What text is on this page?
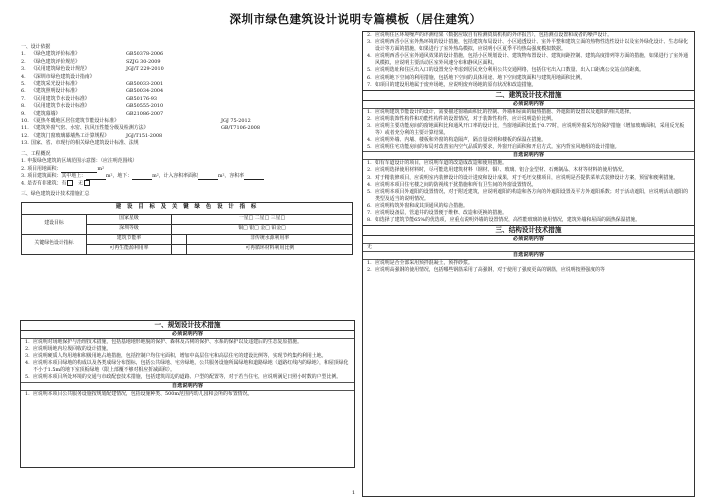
深圳市绿色建筑设计说明专篇模板（居住建筑）
一、设计依据
1.	《绿色建筑评价标准》	GB50378-2006
2.	《绿色建筑评价规范》	SZJG 30-2009
3.	《民用建筑绿色设计规范》	JGJ/T 229-2010
4.	《深圳市绿色建筑设计指南》
5.	《建筑采光设计标准》	GB50033-2001
6.	《建筑照明设计标准》	GB50034-2004
7.	《民用建筑节水设计标准》	GB50176-93
8.	《民用建筑节水设计标准》	GB50555-2010
9.	《建筑幕墙》	GB21086-2007
10. 《夏热冬暖地区居住建筑节能设计标准》	JGJ 75-2012
11. 《建筑外窗气密、水密、抗风压性能分级及检测方法》	GB/T7106-2008
12. 《建筑门窗玻璃幕墙热工计算规程》	JGJ/T151-2008
13. 国家、省、市现行的相关绿色建筑设计标准、法规
二、工程概况
1. 申报绿色建筑的区域范围示意图：（应注明范围线）
2. 项目用地面积：	m²
3. 项目建筑面积：其中地上：	m²，地下：	m²，计入容积率面积	m²，容积率
4. 是否有非建筑：有 无
三、绿色建筑设计技术措施汇总
建 设 目 标 及 关 键 绿 色 设 计 指 标			
建设目标	国家星级	一星□ 二星□ 三星□	
	深圳等级	铜□ 银□ 金□ 铂金□	
关键绿色设计指标	建筑节能率		非传统水源利用率
	可再生能源利用率		可再循环材料利用比例
一、规划设计技术措施
必须说明内容
1. 应说明对场地保护与治理技术措施，包括基地地形地貌的保护、森林及古树的保护、水系的保护以及违建后的生态复原措施。
2. 应说明场地内垃圾回收的设计措施。
3. 应说明硬质人均用地和积极用地占地措施，包括控制户均住宅面积，增加中高层住宅和高层住宅的建设比例等，实现节约集约利用土地。
4. 应说明本项目绿地的构成以及各类成绿分布图标，包括公共绿地、宅旁绿地，公共服务设施所属绿地和道路绿地（道路红线内的绿地），和屋顶绿化不小于1.5m的地下室顶板绿地（限上部覆不够对相应折减面积）。
5. 应说明本项目所处环境的交通与市政配套技术措施，包括建筑周边的道路、户型的配置等，对于若当住宅，应说明满足日照小时数的户型比例。
自选说明内容
1. 应说明本项目公共服务设施按规划配建情况，包括设施种类、500m范围内幼儿园和会所的布置情况。
2. 应说明住区环境噪声的评测结果（数据应取自有检测资质机构的外评报告），包括测点设置和或者的噪声设计。
3. 应说明西香小区室外热环境的设计措施，包括建筑布局设计、小区通透设计、室外平整和建筑立面的热物性选性设计以及室外绿化设计、生态绿化设计等方面的措施，如果进行了室外热岛模拟，应说明小区夏季平均热岛强度模拟数据。
4. 应说明西香小区室外通风效果的设计措施，包括小区规划设计、建筑物布置设计、建筑间距控制、建筑高度排列等方面的措施，如果进行了室外通风模拟，应说明主要活动区室外风速分布和静风区面积。
5. 应说明选址和住区出入口的设置充分考虑到居民充分利用公共交通网络，包括住宅出入口数量、出入口距离公交站点的距离。
6. 应说明地下空间的利用措施，包括地下空间的具体用途、地下空间建筑面积与建筑用地面积比例。
7. 如项目的建设用地属于废弃场地，应说明废弃场地的原有状况和改造措施。
二、建筑设计技术措施
必须说明内容
1. 应说明建筑节能设计的设计，需要描述窗墙面积比的控制、外墙和屋面的隔热措施、外遮阳的设置以及遮阳的相关选择。
2. 应说明装饰性构件和功能性构件的设置情况，对于装饰性构件，应计说明造价比例。
3. 应说明主要功能房间的窗地面积比和通风开口率的设计比，当窗地面积比低于0.77时，应说明外窗采光的保护措施（增加玻璃面积，采用反光板等）或者充分利的主要计算结果。
4. 应说明外墙、内墙、楼板和外窗的构造隔声，隔音量说明和楼板的保温在措施。
5. 应说明住宅功能房间的布局对改善室内空气品质的要求，外窗开启面积和开启方式。室内背室风地组的设计措施。
自选说明内容
1. 如有车道设计的项目，应说明车道的改造成改造和使用措施。
2. 应说明选择使用材料时，尽可能选用建筑材料（钢材、铜）、玻璃、铝合金型材、石膏制品、木材等材料的使用情况。
3. 对于精装修项目，应说明室内装修设计的设计进度和设计成果，对于毛坯交楼项目，应说明是否提供菜单式装修设计方案，预留和便利措施。
4. 应说明本项目住宅楼之间的防视线干扰措施和所有卫生间的外窗设置情况。
5. 应说明本项目外遮阳的设置情况，对于附近建筑，应说明遮阳的构造和各方向的外遮阳设置及平方外遮阳系数；对于活动遮阳，应说明活动遮阳的类型及适当的说明情况。
6. 应说明构筑外窗和或其顶通风的综合措施。
7. 应说明设备层，管道井的设置便于维修、改造和更换的措施。
8. 如选择了建筑节能65%的优选项，应重点说明外墙的设置情况，高性能玻璃的使用情况，建筑外墙和屋面的隔热保温措施。
三、结构设计技术措施
必须说明内容
无
自选说明内容
1. 应说明是否全部采用预拌混凝土，预拌砂浆。
2. 应说明高强钢的使用情况，包括哪些钢筋采用了高强钢，对于使用了强度更高的钢筋，应说明按照强度的等
1
